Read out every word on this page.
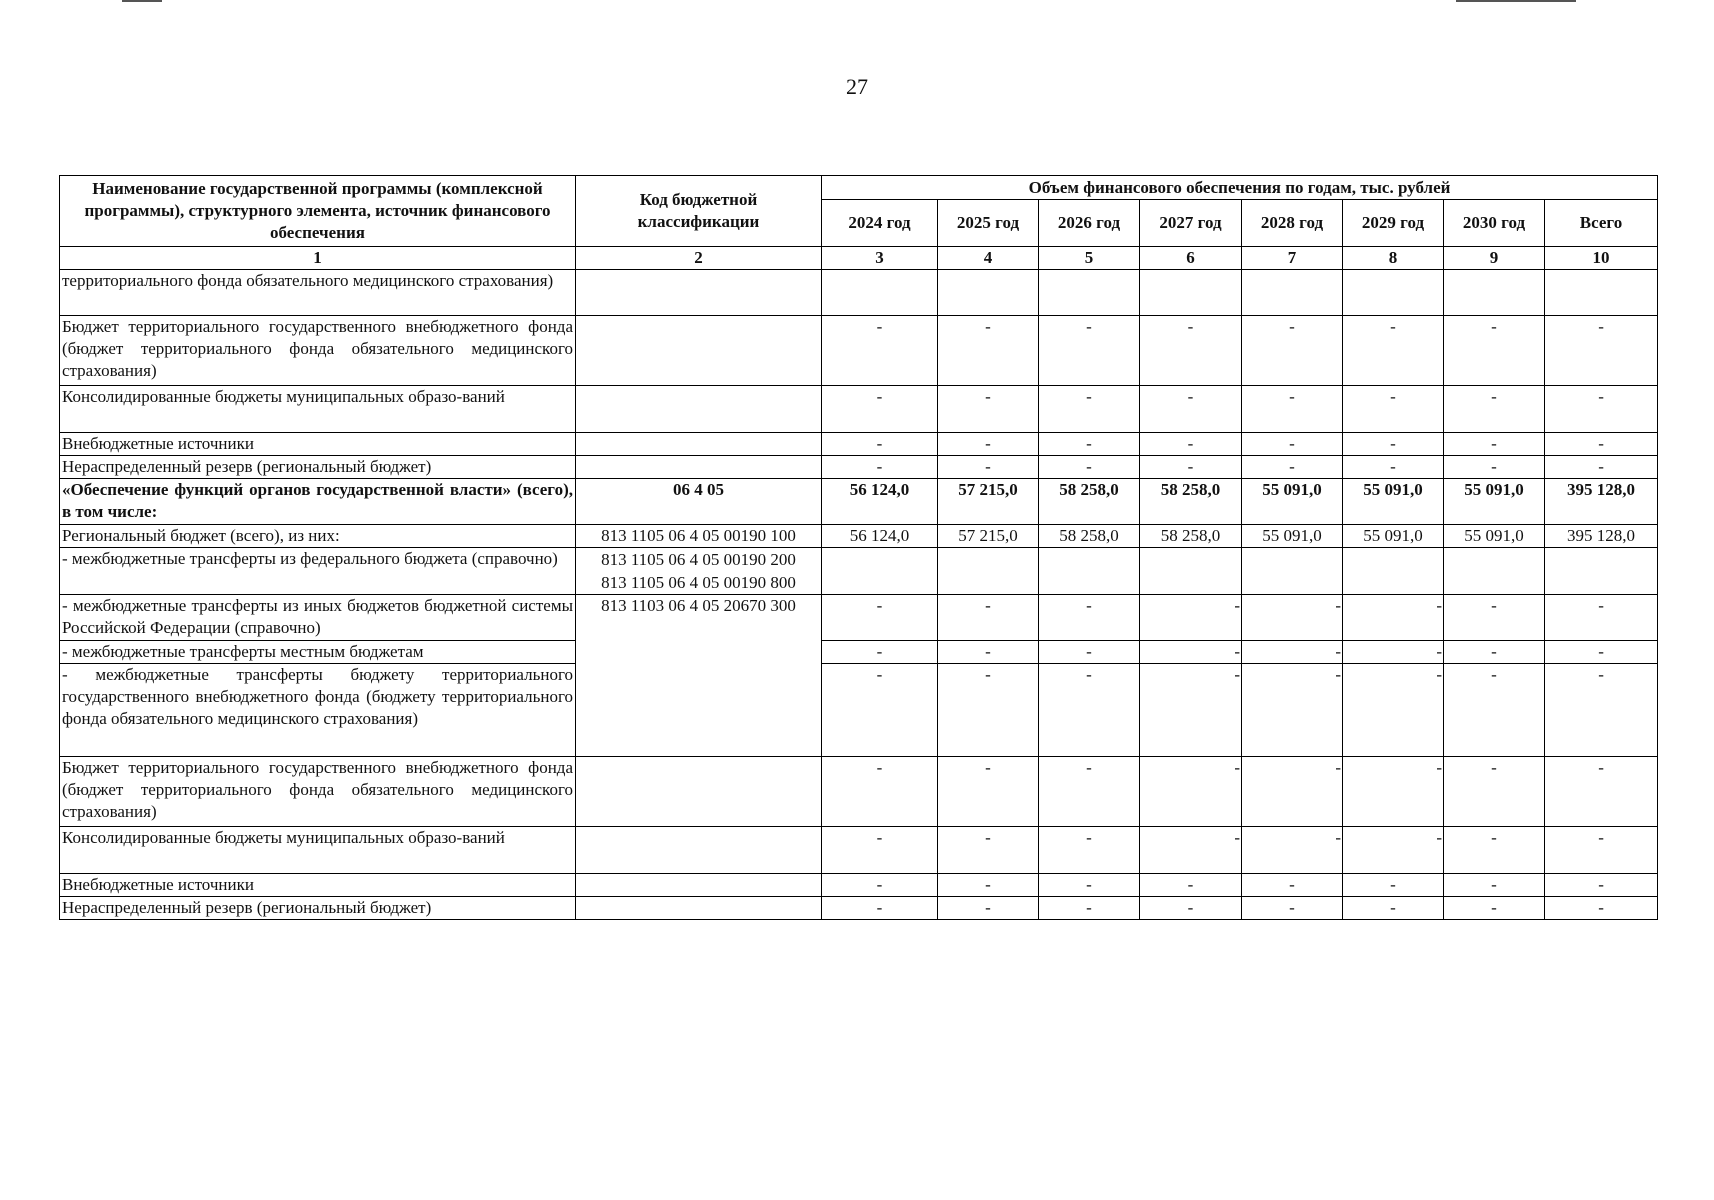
27
Наименование государственной программы (комплексной программы), структурного элемента, источник финансового обеспечения	Код бюджетной классификации	Объем финансового обеспечения по годам, тыс. рублей							
		2024 год	2025 год	2026 год	2027 год	2028 год	2029 год	2030 год	Всего
1	2	3	4	5	6	7	8	9	10
территориального фонда обязательного медицинского страхования)									
Бюджет территориального государственного внебюджетного фонда (бюджет территориального фонда обязательного медицинского страхования)		-	-	-	-	-	-	-	-
Консолидированные бюджеты муниципальных образо-ваний		-	-	-	-	-	-	-	-
Внебюджетные источники		-	-	-	-	-	-	-	-
Нераспределенный резерв (региональный бюджет)		-	-	-	-	-	-	-	-
«Обеспечение функций органов государственной власти» (всего), в том числе:	06 4 05	56 124,0	57 215,0	58 258,0	58 258,0	55 091,0	55 091,0	55 091,0	395 128,0
Региональный бюджет (всего), из них:	813 1105 06 4 05 00190 100	56 124,0	57 215,0	58 258,0	58 258,0	55 091,0	55 091,0	55 091,0	395 128,0
- межбюджетные трансферты из федерального бюджета (справочно)	813 1105 06 4 05 00190 200
813 1105 06 4 05 00190 800								

- межбюджетные трансферты из иных бюджетов бюджетной системы Российской Федерации (справочно)	813 1103 06 4 05 20670 300	-	-	-	-	-	-	-	-
- межбюджетные трансферты местным бюджетам		-	-	-	-	-	-	-	-
- межбюджетные трансферты бюджету территориального государственного внебюджетного фонда (бюджету территориального фонда обязательного медицинского страхования)		-	-	-	-	-	-	-	-
Бюджет территориального государственного внебюджетного фонда (бюджет территориального фонда обязательного медицинского страхования)		-	-	-	-	-	-	-	-
Консолидированные бюджеты муниципальных образо-ваний		-	-	-	-	-	-	-	-
Внебюджетные источники		-	-	-	-	-	-	-	-
Нераспределенный резерв (региональный бюджет)		-	-	-	-	-	-	-	-
